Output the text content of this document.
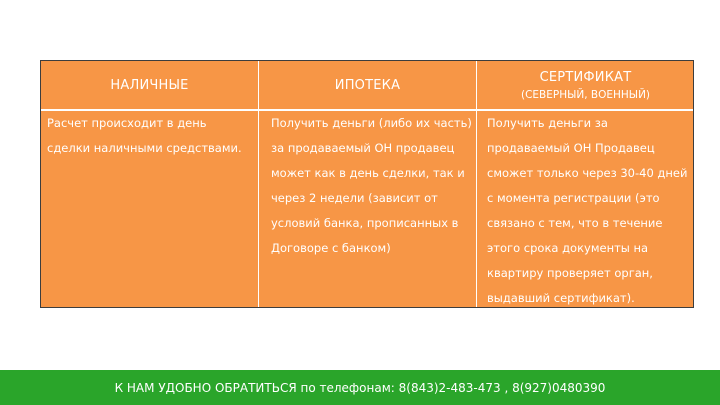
НАЛИЧНЫЕ	ИПОТЕКА
СЕРТИФИКАТ
(СЕВЕРНЫЙ, ВОЕННЫЙ)
Расчет происходит в день
сделки наличными средствами.
Получить деньги (либо их часть)
за продаваемый ОН продавец
может как в день сделки, так и
через 2 недели (зависит от
условий банка, прописанных в
Договоре с банком)
Получить деньги за
продаваемый ОН Продавец
сможет только через 30-40 дней
с момента регистрации (это
связано с тем, что в течение
этого срока документы на
квартиру проверяет орган,
выдавший сертификат).
К НАМ УДОБНО ОБРАТИТЬСЯ по телефонам: 8(843)2-483-473 , 8(927)0480390
